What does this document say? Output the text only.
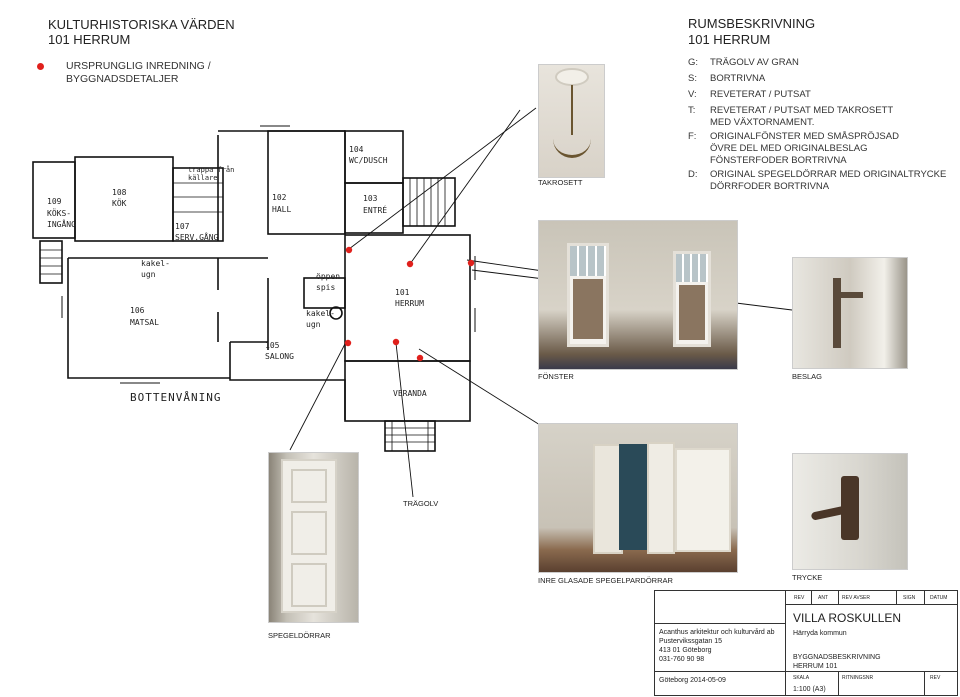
KULTURHISTORISKA VÄRDEN
101 HERRUM
URSPRUNGLIG INREDNING /
BYGGNADSDETALJER
RUMSBESKRIVNING
101 HERRUM
G: TRÄGOLV AV GRAN
S: BORTRIVNA
V: REVETERAT / PUTSAT
T: REVETERAT / PUTSAT MED TAKROSETT
MED VÄXTORNAMENT.
F: ORIGINALFÖNSTER MED SMÅSPRÖJSAD
ÖVRE DEL MED ORIGINALBESLAG
FÖNSTERFODER BORTRIVNA
D: ORIGINAL SPEGELDÖRRAR MED ORIGINALTRYCKE
DÖRRFODER BORTRIVNA
109
KÖKS-
INGÅNG
108
KÖK
trappa från
källare
107
SERV.GÅNG
102
HALL
104
WC/DUSCH
103
ENTRÉ
kakel-
ugn	öppen
spis
kakel-
ugn
106
MATSAL
101
HERRUM
105
SALONG
VERANDA
BOTTENVÅNING
TAKROSETT
FÖNSTER	BESLAG
TRÄGOLV
INRE GLASADE SPEGELPARDÖRRAR	TRYCKE
SPEGELDÖRRAR
REV	ANT	REV AVSER	SIGN	DATUM
VILLA ROSKULLEN
Härryda kommun
Acanthus arkitektur och kulturvård ab
Pustervikssgatan 15
413 01 Göteborg
031-760 90 98	BYGGNADSBESKRIVNING
HERRUM 101
Göteborg 2014-05-09	SKALA	RITNINGSNR	REV
1:100 (A3)
